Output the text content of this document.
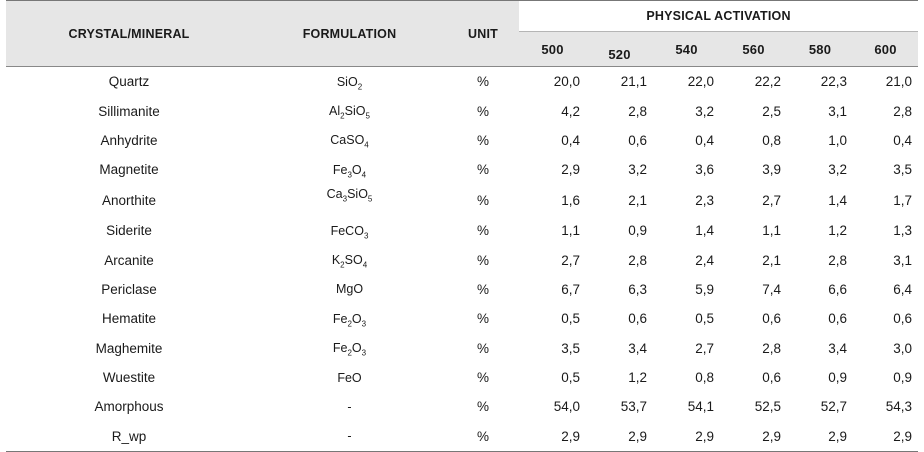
CRYSTAL/MINERAL	FORMULATION	UNIT	PHYSICAL ACTIVATION					
			500	520	540	560	580	600
Quartz	SiO$_2$	%	20,0	21,1	22,0	22,2	22,3	21,0
Sillimanite	$Al_2SiO_5$	%	4,2	2,8	3,2	2,5	3,1	2,8
Anhydrite	CaSO$_4$	%	0,4	0,6	0,4	0,8	1,0	0,4
Magnetite	$Fe_3O_4$	%	2,9	3,2	3,6	3,9	3,2	3,5
Anorthite	$Ca_3SiO_5$	%	1,6	2,1	2,3	2,7	1,4	1,7
Siderite	FeCO$_3$	%	1,1	0,9	1,4	1,1	1,2	1,3
Arcanite	$K_2SO_4$	%	2,7	2,8	2,4	2,1	2,8	3,1
Periclase	MgO	%	6,7	6,3	5,9	7,4	6,6	6,4
Hematite	$Fe_2O_3$	%	0,5	0,6	0,5	0,6	0,6	0,6
Maghemite	$Fe_2O_3$	%	3,5	3,4	2,7	2,8	3,4	3,0
Wuestite	FeO	%	0,5	1,2	0,8	0,6	0,9	0,9
Amorphous	-	%	54,0	53,7	54,1	52,5	52,7	54,3
R_wp	-	%	2,9	2,9	2,9	2,9	2,9	2,9
